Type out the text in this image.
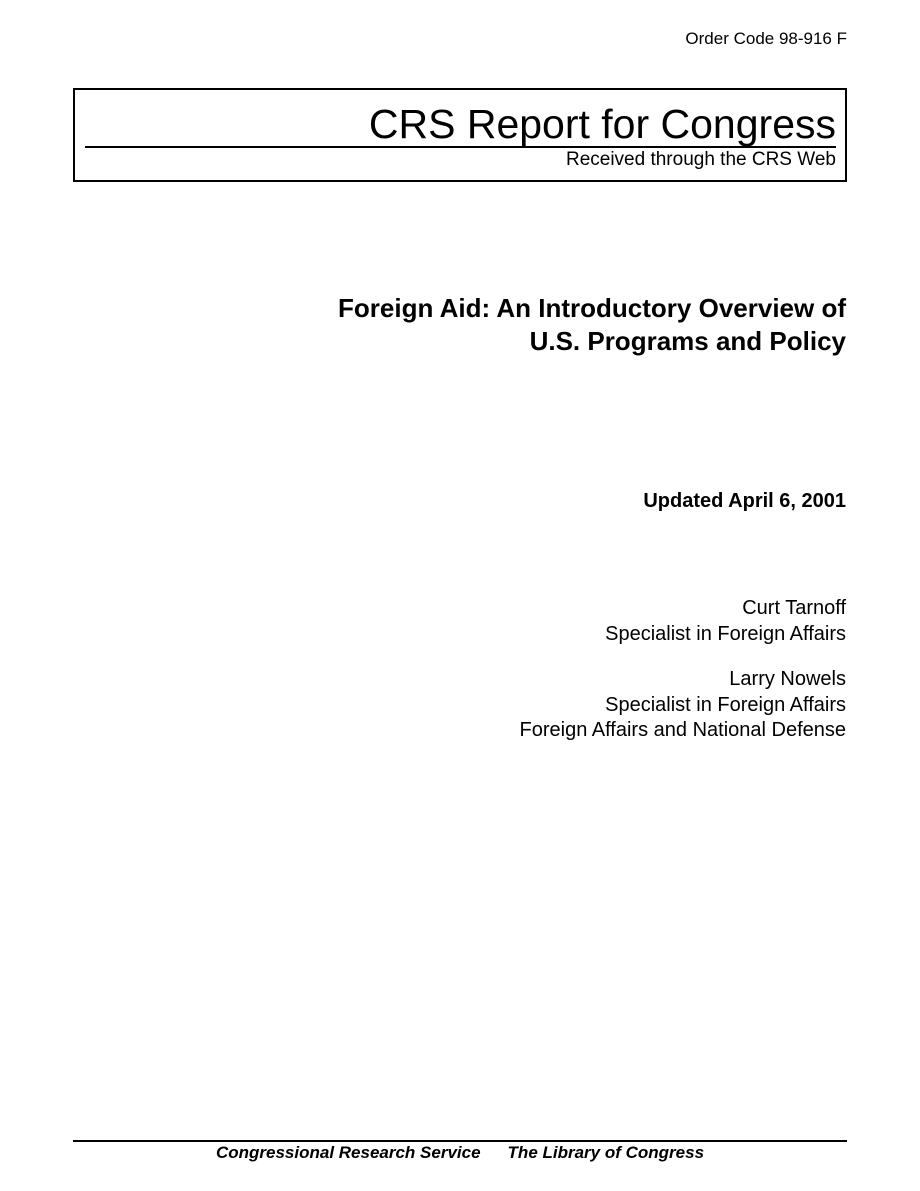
Order Code 98-916 F
CRS Report for Congress
Received through the CRS Web
Foreign Aid: An Introductory Overview of
U.S. Programs and Policy
Updated April 6, 2001
Curt Tarnoff
Specialist in Foreign Affairs
Larry Nowels
Specialist in Foreign Affairs
Foreign Affairs and National Defense
Congressional Research Service The Library of Congress
